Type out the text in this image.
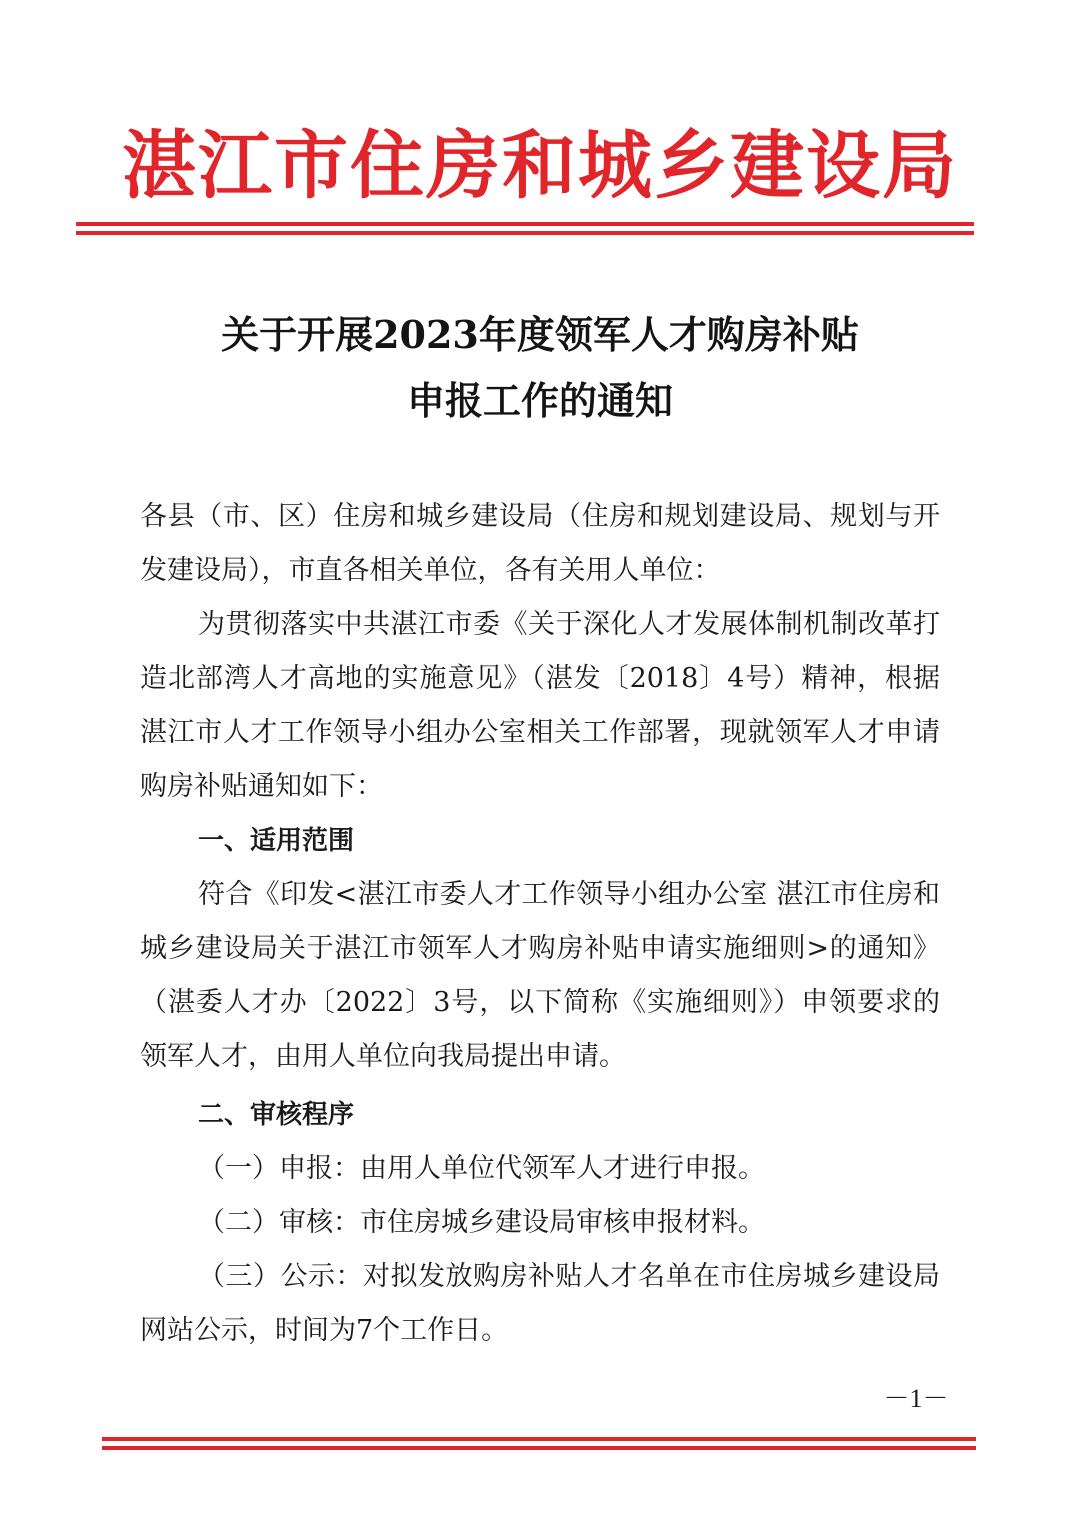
湛江市住房和城乡建设局
关于开展2023年度领军人才购房补贴
申报工作的通知

各县（市、区）住房和城乡建设局（住房和规划建设局、规划与开发建设局），市直各相关单位，各有关用人单位：

为贯彻落实中共湛江市委《关于深化人才发展体制机制改革打造北部湾人才高地的实施意见》（湛发〔2018〕4号）精神，根据湛江市人才工作领导小组办公室相关工作部署，现就领军人才申请购房补贴通知如下：

一、适用范围

符合《印发<湛江市委人才工作领导小组办公室 湛江市住房和城乡建设局关于湛江市领军人才购房补贴申请实施细则>的通知》（湛委人才办〔2022〕3号，以下简称《实施细则》）申领要求的领军人才，由用人单位向我局提出申请。

二、审核程序

（一）申报：由用人单位代领军人才进行申报。

（二）审核：市住房城乡建设局审核申报材料。

（三）公示：对拟发放购房补贴人才名单在市住房城乡建设局网站公示，时间为7个工作日。

－1－
